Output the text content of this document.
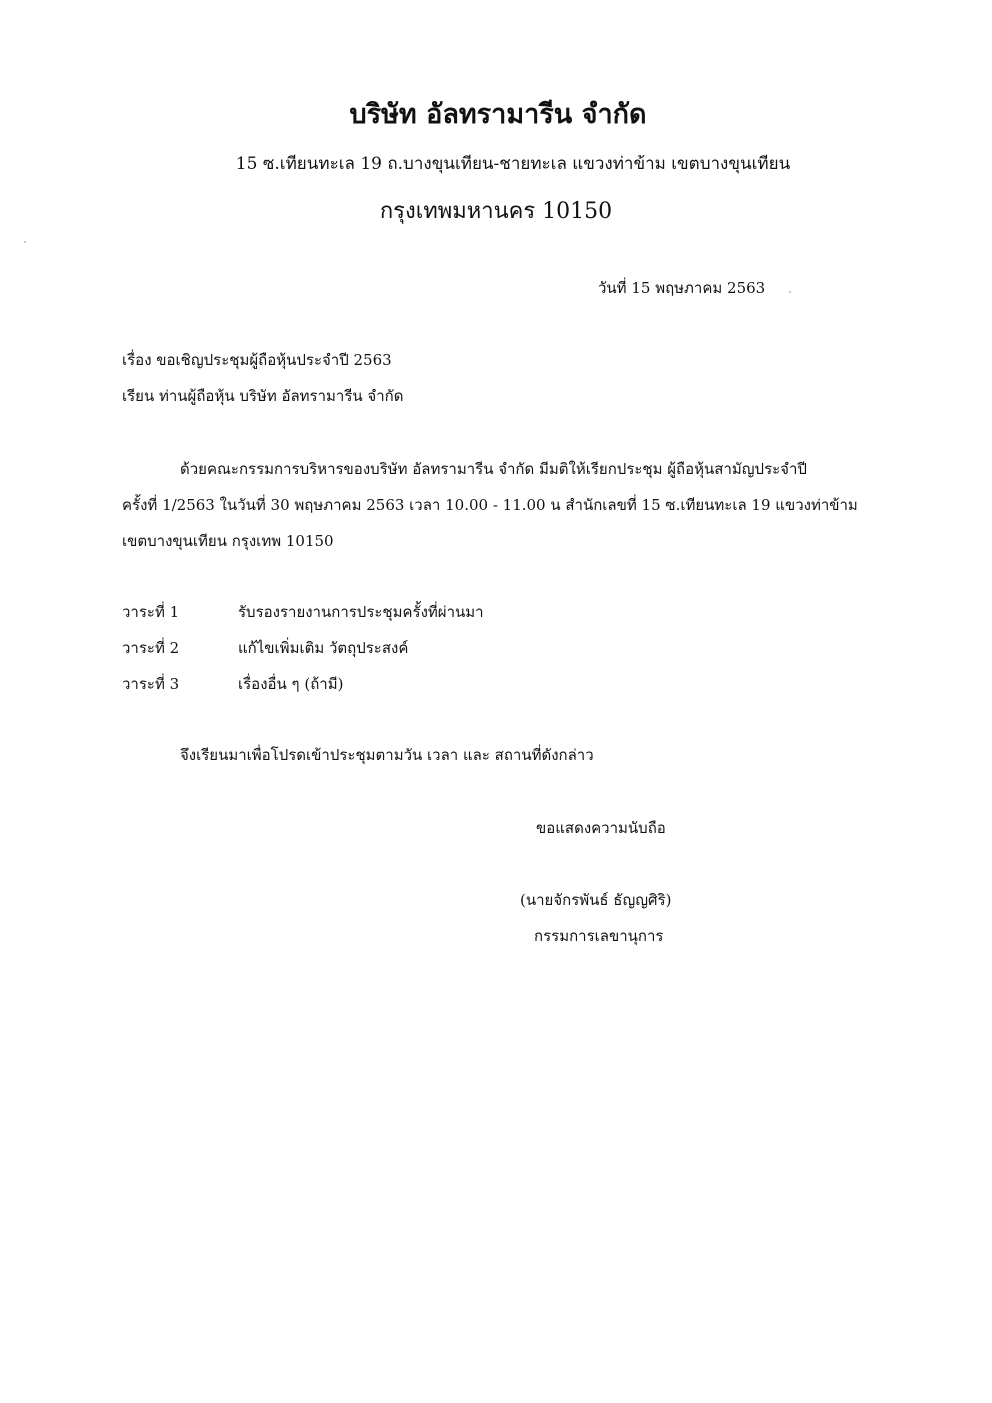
บริษัท อัลทรามารีน จำกัด
15 ซ.เทียนทะเล 19 ถ.บางขุนเทียน-ชายทะเล แขวงท่าข้าม เขตบางขุนเทียน
กรุงเทพมหานคร 10150
วันที่ 15 พฤษภาคม 2563
เรื่อง ขอเชิญประชุมผู้ถือหุ้นประจำปี 2563
เรียน ท่านผู้ถือหุ้น บริษัท อัลทรามารีน จำกัด
ด้วยคณะกรรมการบริหารของบริษัท อัลทรามารีน จำกัด มีมติให้เรียกประชุม ผู้ถือหุ้นสามัญประจำปี
ครั้งที่ 1/2563 ในวันที่ 30 พฤษภาคม 2563 เวลา 10.00 - 11.00 น สำนักเลขที่ 15 ซ.เทียนทะเล 19 แขวงท่าข้าม
เขตบางขุนเทียน กรุงเทพ 10150
วาระที่ 1	รับรองรายงานการประชุมครั้งที่ผ่านมา
วาระที่ 2	แก้ไขเพิ่มเติม วัตถุประสงค์
วาระที่ 3	เรื่องอื่น ๆ (ถ้ามี)
จึงเรียนมาเพื่อโปรดเข้าประชุมตามวัน เวลา และ สถานที่ดังกล่าว
ขอแสดงความนับถือ
(นายจักรพันธ์ ธัญญศิริ)
กรรมการเลขานุการ
